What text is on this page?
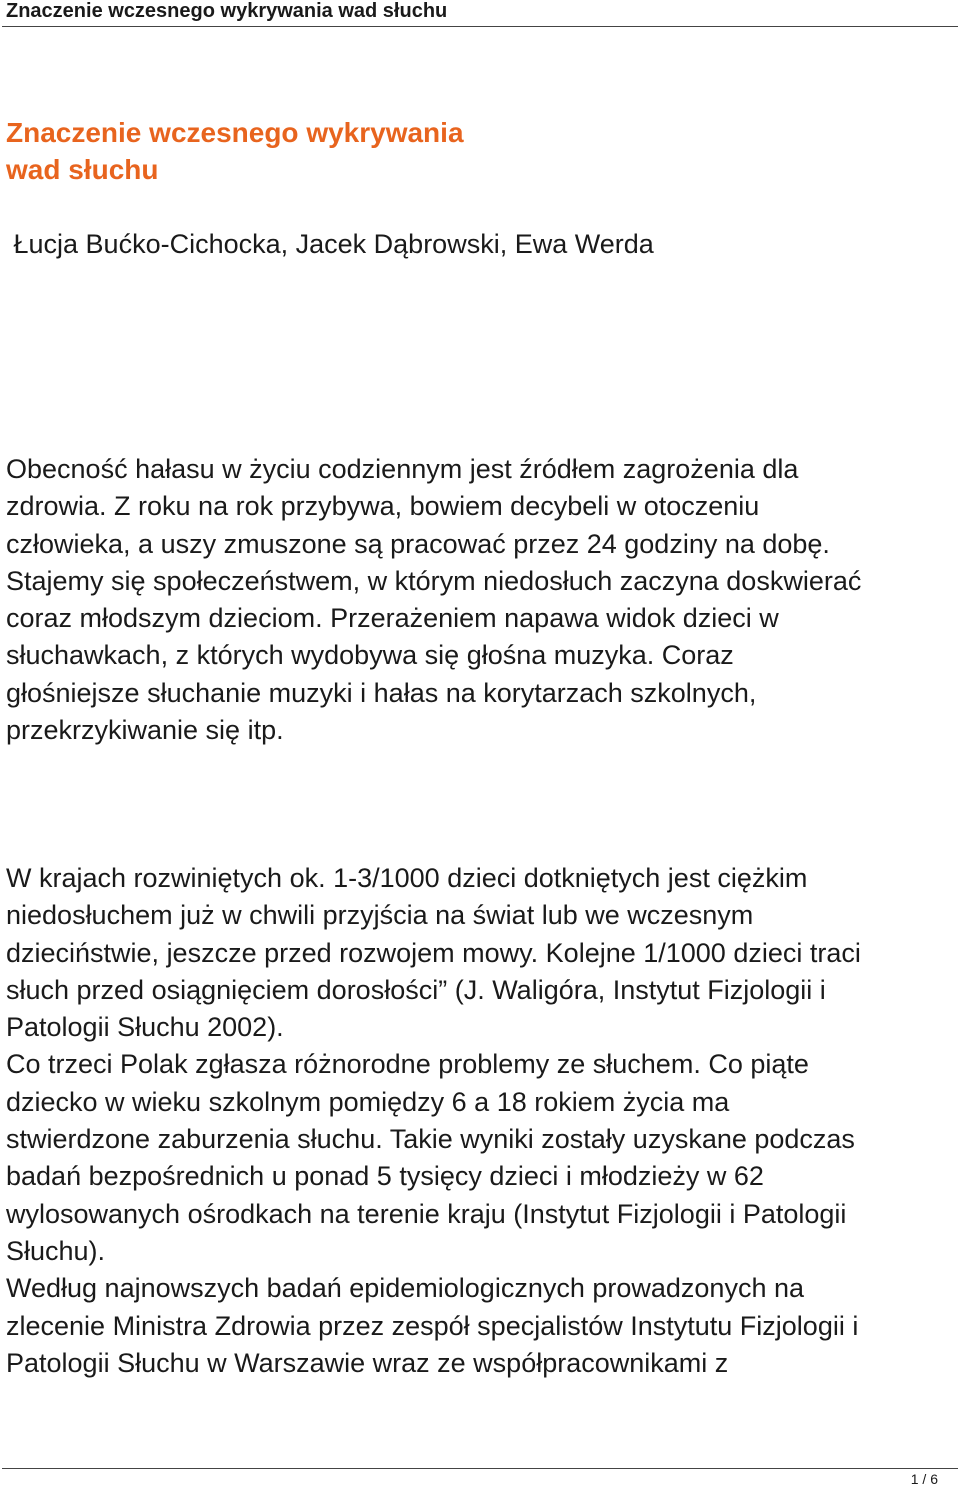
Znaczenie wczesnego wykrywania wad słuchu
Znaczenie wczesnego wykrywania
wad słuchu

Łucja Bućko-Cichocka, Jacek Dąbrowski, Ewa Werda

Obecność hałasu w życiu codziennym jest źródłem zagrożenia dla
zdrowia. Z roku na rok przybywa, bowiem decybeli w otoczeniu
człowieka, a uszy zmuszone są pracować przez 24 godziny na dobę.
Stajemy się społeczeństwem, w którym niedosłuch zaczyna doskwierać
coraz młodszym dzieciom. Przerażeniem napawa widok dzieci w
słuchawkach, z których wydobywa się głośna muzyka. Coraz
głośniejsze słuchanie muzyki i hałas na korytarzach szkolnych,
przekrzykiwanie się itp.

W krajach rozwiniętych ok. 1-3/1000 dzieci dotkniętych jest ciężkim
niedosłuchem już w chwili przyjścia na świat lub we wczesnym
dzieciństwie, jeszcze przed rozwojem mowy. Kolejne 1/1000 dzieci traci
słuch przed osiągnięciem dorosłości” (J. Waligóra, Instytut Fizjologii i
Patologii Słuchu 2002).
Co trzeci Polak zgłasza różnorodne problemy ze słuchem. Co piąte
dziecko w wieku szkolnym pomiędzy 6 a 18 rokiem życia ma
stwierdzone zaburzenia słuchu. Takie wyniki zostały uzyskane podczas
badań bezpośrednich u ponad 5 tysięcy dzieci i młodzieży w 62
wylosowanych ośrodkach na terenie kraju (Instytut Fizjologii i Patologii
Słuchu).
Według najnowszych badań epidemiologicznych prowadzonych na
zlecenie Ministra Zdrowia przez zespół specjalistów Instytutu Fizjologii i
Patologii Słuchu w Warszawie wraz ze współpracownikami z

1 / 6
